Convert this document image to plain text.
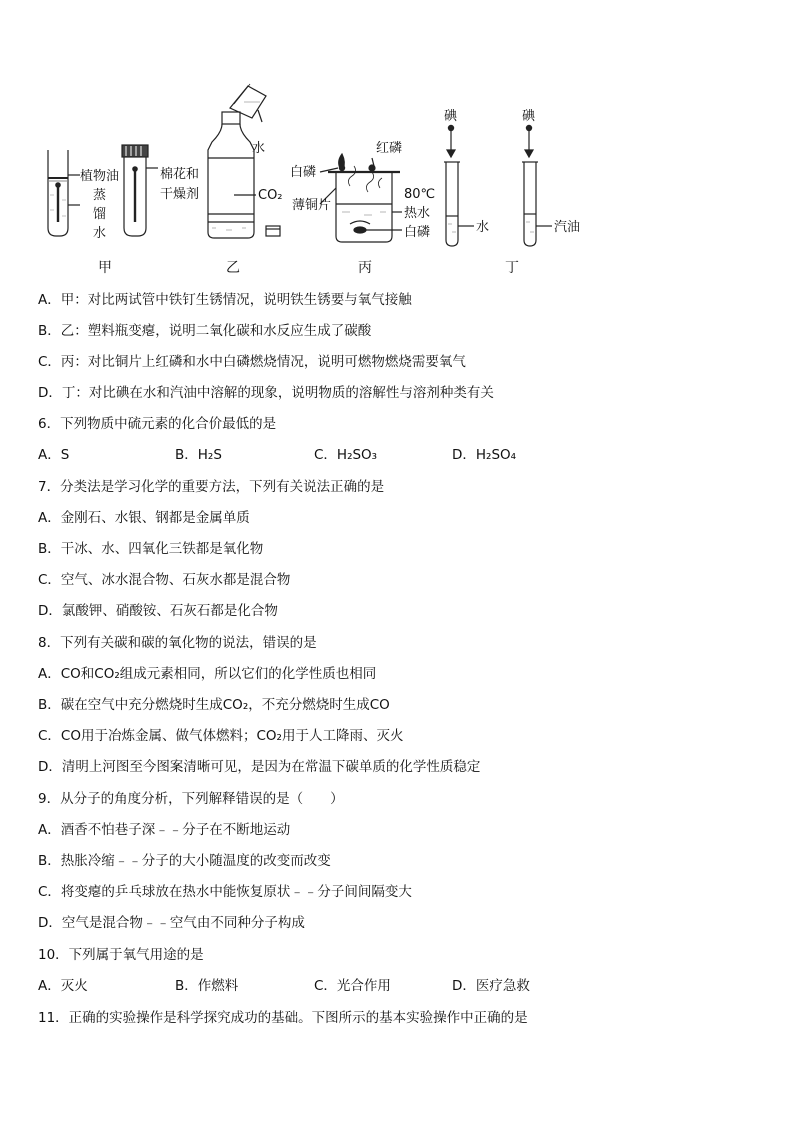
植物油
蒸
馏
水
棉花和
干燥剂
水
CO₂
红磷
白磷
薄铜片
80℃
热水
白磷
碘	碘
水	汽油
甲	乙	丙	丁
A．甲：对比两试管中铁钉生锈情况，说明铁生锈要与氧气接触
B．乙：塑料瓶变瘪，说明二氧化碳和水反应生成了碳酸
C．丙：对比铜片上红磷和水中白磷燃烧情况，说明可燃物燃烧需要氧气
D．丁：对比碘在水和汽油中溶解的现象，说明物质的溶解性与溶剂种类有关
6．下列物质中硫元素的化合价最低的是
A．S	B．H₂S	C．H₂SO₃	D．H₂SO₄
7．分类法是学习化学的重要方法，下列有关说法正确的是
A．金刚石、水银、钢都是金属单质
B．干冰、水、四氧化三铁都是氧化物
C．空气、冰水混合物、石灰水都是混合物
D．氯酸钾、硝酸铵、石灰石都是化合物
8．下列有关碳和碳的氧化物的说法，错误的是
A．CO和CO₂组成元素相同，所以它们的化学性质也相同
B．碳在空气中充分燃烧时生成CO₂，不充分燃烧时生成CO
C．CO用于冶炼金属、做气体燃料；CO₂用于人工降雨、灭火
D．清明上河图至今图案清晰可见，是因为在常温下碳单质的化学性质稳定
9．从分子的角度分析，下列解释错误的是（　　）
A．酒香不怕巷子深﹣﹣分子在不断地运动
B．热胀冷缩﹣﹣分子的大小随温度的改变而改变
C．将变瘪的乒乓球放在热水中能恢复原状﹣﹣分子间间隔变大
D．空气是混合物﹣﹣空气由不同种分子构成
10．下列属于氧气用途的是
A．灭火	B．作燃料	C．光合作用	D．医疗急救
11．正确的实验操作是科学探究成功的基础。下图所示的基本实验操作中正确的是
